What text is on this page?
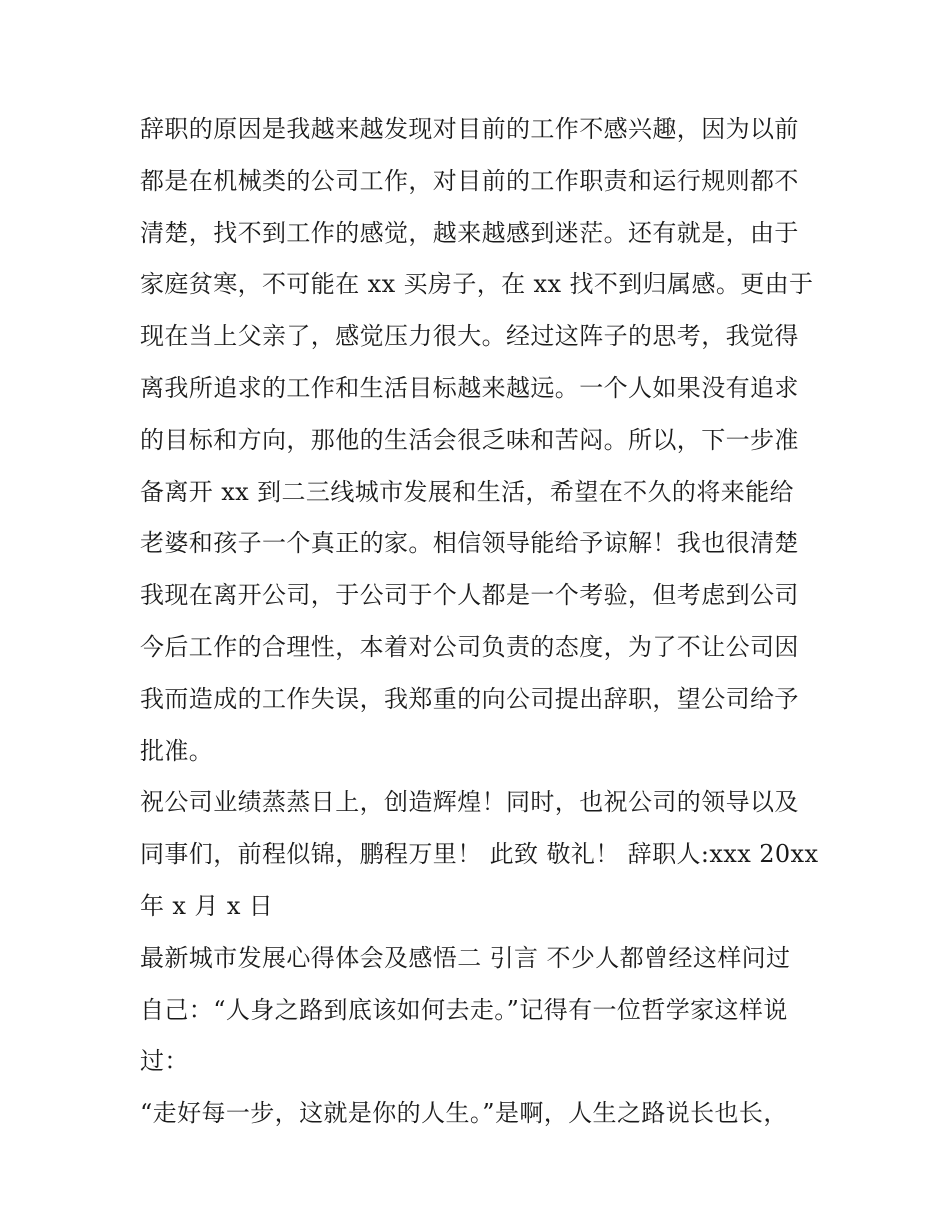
辞职的原因是我越来越发现对目前的工作不感兴趣，因为以前
都是在机械类的公司工作，对目前的工作职责和运行规则都不
清楚，找不到工作的感觉，越来越感到迷茫。还有就是，由于
家庭贫寒，不可能在 xx 买房子，在 xx 找不到归属感。更由于
现在当上父亲了，感觉压力很大。经过这阵子的思考，我觉得
离我所追求的工作和生活目标越来越远。一个人如果没有追求
的目标和方向，那他的生活会很乏味和苦闷。所以，下一步准
备离开 xx 到二三线城市发展和生活，希望在不久的将来能给
老婆和孩子一个真正的家。相信领导能给予谅解！我也很清楚
我现在离开公司，于公司于个人都是一个考验，但考虑到公司
今后工作的合理性，本着对公司负责的态度，为了不让公司因
我而造成的工作失误，我郑重的向公司提出辞职，望公司给予
批准。
祝公司业绩蒸蒸日上，创造辉煌！同时，也祝公司的领导以及
同事们，前程似锦，鹏程万里！ 此致 敬礼！ 辞职人:xxx 20xx
年 x 月 x 日
最新城市发展心得体会及感悟二 引言 不少人都曾经这样问过
自己：“人身之路到底该如何去走。”记得有一位哲学家这样说
过：
“走好每一步，这就是你的人生。”是啊，人生之路说长也长，
